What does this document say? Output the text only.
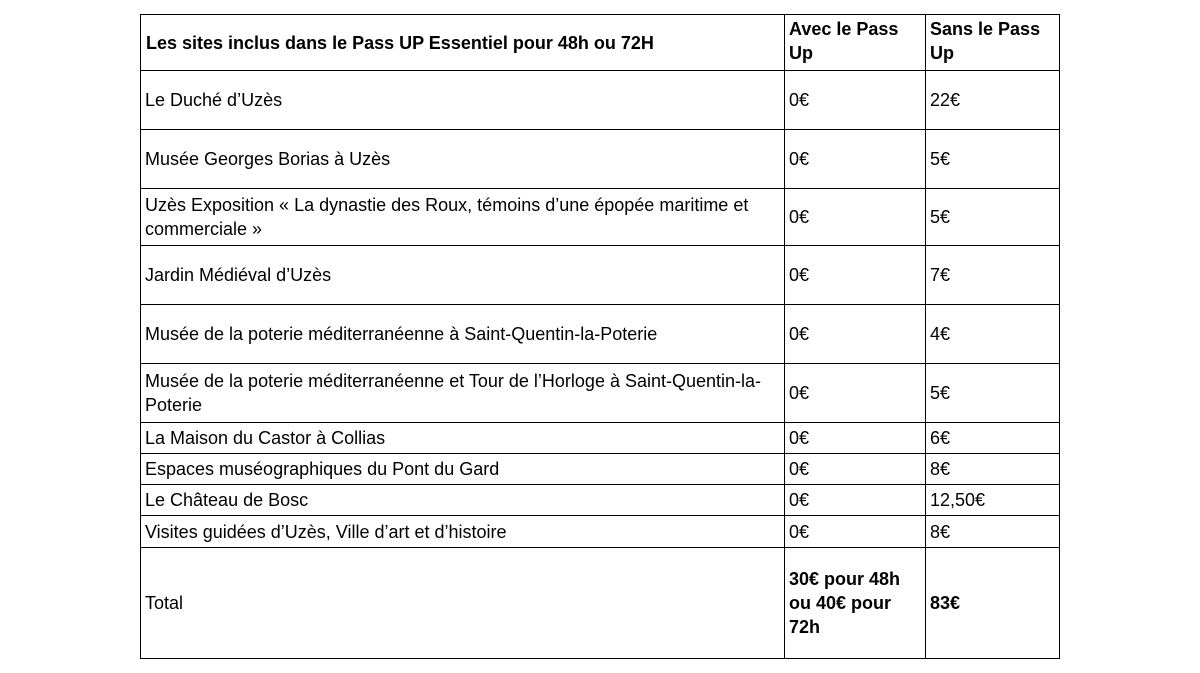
Les sites inclus dans le Pass UP Essentiel pour 48h ou 72H	Avec le Pass Up	Sans le Pass Up
Le Duché d’Uzès	0€	22€
Musée Georges Borias à Uzès	0€	5€
Uzès Exposition « La dynastie des Roux, témoins d’une épopée maritime et commerciale »	0€	5€
Jardin Médiéval d’Uzès	0€	7€
Musée de la poterie méditerranéenne à Saint-Quentin-la-Poterie	0€	4€
Musée de la poterie méditerranéenne et Tour de l’Horloge à Saint-Quentin-la-Poterie	0€	5€
La Maison du Castor à Collias	0€	6€
Espaces muséographiques du Pont du Gard	0€	8€
Le Château de Bosc	0€	12,50€
Visites guidées d’Uzès, Ville d’art et d’histoire	0€	8€
Total	30€ pour 48h ou 40€ pour 72h	83€
